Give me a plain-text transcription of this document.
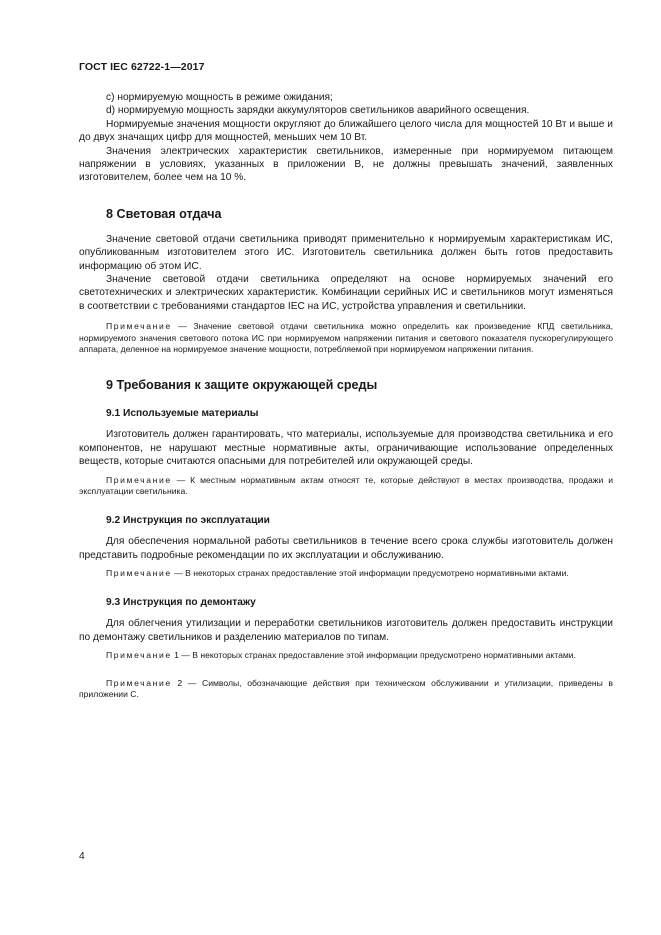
ГОСТ IEC 62722-1—2017

c) нормируемую мощность в режиме ожидания;

d) нормируемую мощность зарядки аккумуляторов светильников аварийного освещения.

Нормируемые значения мощности округляют до ближайшего целого числа для мощностей 10 Вт и выше и до двух значащих цифр для мощностей, меньших чем 10 Вт.

Значения электрических характеристик светильников, измеренные при нормируемом питающем напряжении в условиях, указанных в приложении В, не должны превышать значений, заявленных изготовителем, более чем на 10 %.

8 Световая отдача

Значение световой отдачи светильника приводят применительно к нормируемым характеристикам ИС, опубликованным изготовителем этого ИС. Изготовитель светильника должен быть готов предоставить информацию об этом ИС.

Значение световой отдачи светильника определяют на основе нормируемых значений его светотехнических и электрических характеристик. Комбинации серийных ИС и светильников могут изменяться в соответствии с требованиями стандартов IEC на ИС, устройства управления и светильники.

Примечание — Значение световой отдачи светильника можно определить как произведение КПД светильника, нормируемого значения светового потока ИС при нормируемом напряжении питания и светового показателя пускорегулирующего аппарата, деленное на нормируемое значение мощности, потребляемой при нормируемом напряжении питания.

9 Требования к защите окружающей среды
9.1 Используемые материалы

Изготовитель должен гарантировать, что материалы, используемые для производства светильника и его компонентов, не нарушают местные нормативные акты, ограничивающие использование определенных веществ, которые считаются опасными для потребителей или окружающей среды.

Примечание — К местным нормативным актам относят те, которые действуют в местах производства, продажи и эксплуатации светильника.

9.2 Инструкция по эксплуатации

Для обеспечения нормальной работы светильников в течение всего срока службы изготовитель должен представить подробные рекомендации по их эксплуатации и обслуживанию.

Примечание — В некоторых странах предоставление этой информации предусмотрено нормативными актами.

9.3 Инструкция по демонтажу

Для облегчения утилизации и переработки светильников изготовитель должен предоставить инструкции по демонтажу светильников и разделению материалов по типам.

Примечание 1 — В некоторых странах предоставление этой информации предусмотрено нормативными актами.

Примечание 2 — Символы, обозначающие действия при техническом обслуживании и утилизации, приведены в приложении С.

4
